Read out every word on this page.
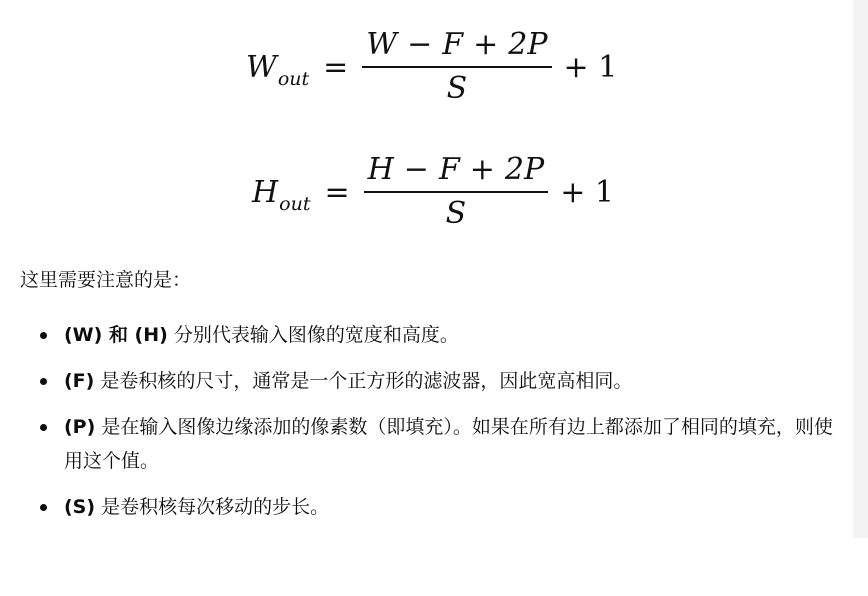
$W_{out} = \frac{W - F + 2P}{S} + 1$
$H_{out} = \frac{H - F + 2P}{S} + 1$

这里需要注意的是：

(W) 和 (H) 分别代表输入图像的宽度和高度。
(F) 是卷积核的尺寸，通常是一个正方形的滤波器，因此宽高相同。
(P) 是在输入图像边缘添加的像素数（即填充）。如果在所有边上都添加了相同的填充，则使用这个值。
(S) 是卷积核每次移动的步长。
